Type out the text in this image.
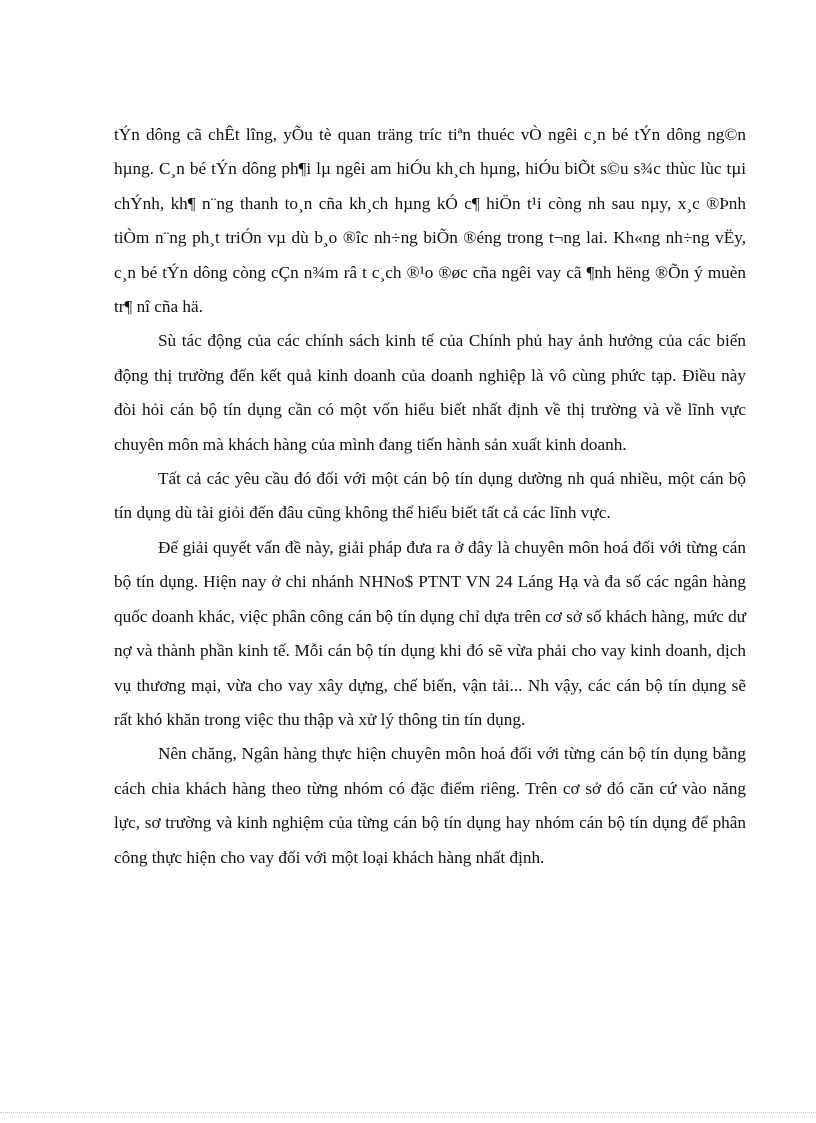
tÝn dông cã chÊt lîng, yÕu tè quan träng tríc tiªn thuéc vÒ ngêi c¸n bé tÝn dông ng©n hµng. C¸n bé tÝn dông ph¶i lµ ngêi am hiÓu kh¸ch hµng, hiÓu biÕt s©u s¾c thùc lùc tµi chÝnh, kh¶ n¨ng thanh to¸n cña kh¸ch hµng kÓ c¶ hiÖn t¹i còng nh sau nµy, x¸c ®Þnh tiÒm n¨ng ph¸t triÓn vµ dù b¸o ®îc nh÷ng biÕn ®éng trong t¬ng lai. Kh«ng nh÷ng vËy, c¸n bé tÝn dông còng cÇn n¾m râ t c¸ch ®¹o ®øc cña ngêi vay cã ¶nh hëng ®Õn ý muèn tr¶ nî cña hä.

Sù tác động của các chính sách kinh tế của Chính phủ hay ảnh hưởng của các biến động thị trường đến kết quả kinh doanh của doanh nghiệp là vô cùng phức tạp. Điều này đòi hỏi cán bộ tín dụng cần có một vốn hiểu biết nhất định về thị trường và về lĩnh vực chuyên môn mà khách hàng của mình đang tiến hành sản xuất kinh doanh.

Tất cả các yêu cầu đó đối với một cán bộ tín dụng dường nh quá nhiều, một cán bộ tín dụng dù tài giỏi đến đâu cũng không thể hiểu biết tất cả các lĩnh vực.

Để giải quyết vấn đề này, giải pháp đưa ra ở đây là chuyên môn hoá đối với từng cán bộ tín dụng. Hiện nay ở chi nhánh NHNo$ PTNT VN 24 Láng Hạ và đa số các ngân hàng quốc doanh khác, việc phân công cán bộ tín dụng chỉ dựa trên cơ sở số khách hàng, mức dư nợ và thành phần kinh tế. Mỗi cán bộ tín dụng khi đó sẽ vừa phải cho vay kinh doanh, dịch vụ thương mại, vừa cho vay xây dựng, chế biến, vận tải... Nh vậy, các cán bộ tín dụng sẽ rất khó khăn trong việc thu thập và xử lý thông tin tín dụng.

Nên chăng, Ngân hàng thực hiện chuyên môn hoá đối với từng cán bộ tín dụng bằng cách chia khách hàng theo từng nhóm có đặc điểm riêng. Trên cơ sở đó căn cứ vào năng lực, sơ trường và kinh nghiệm của từng cán bộ tín dụng hay nhóm cán bộ tín dụng để phân công thực hiện cho vay đối với một loại khách hàng nhất định.
